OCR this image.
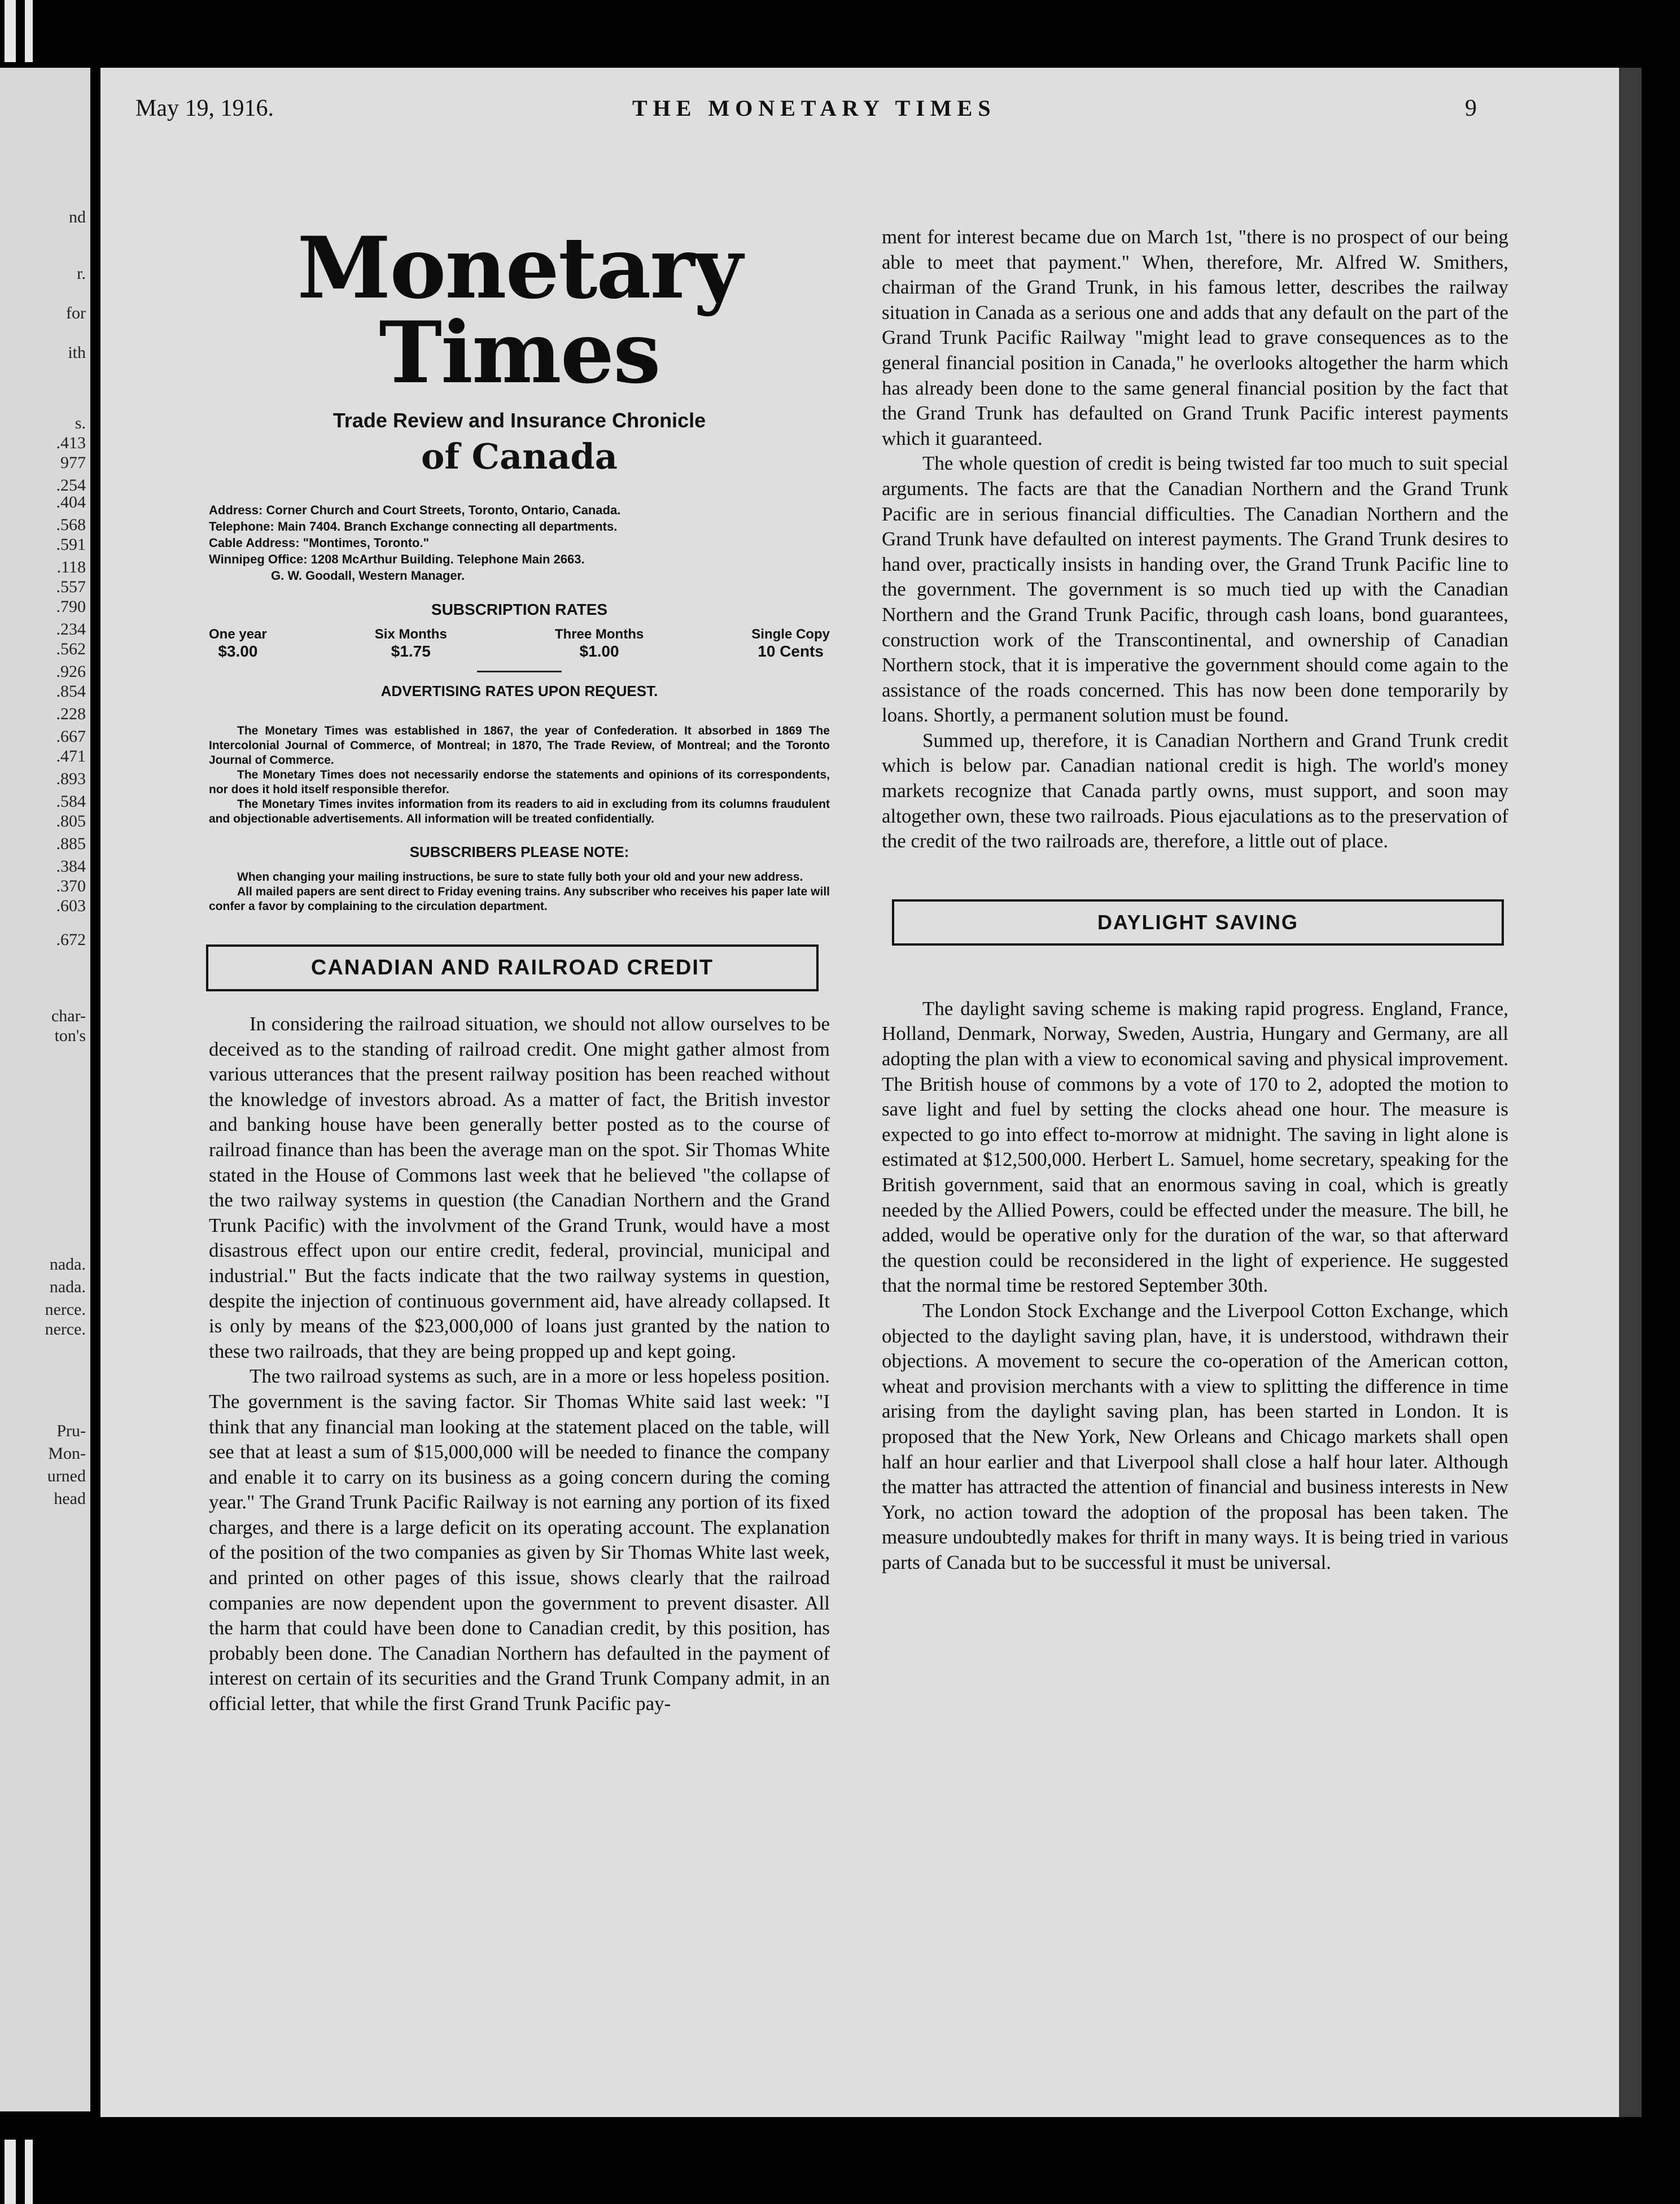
nd
r.
for
ith
s.
.413
977
.254
.404
.568
.591
.118
.557
.790
.234
.562
.926
.854
.228
.667
.471
.893
.584
.805
.885
.384
.370
.603
.672
char-
ton's
nada.
nada.
nerce.
nerce.
Pru-
Mon-
urned
head
May 19, 1916.	THE MONETARY TIMES	9
Monetary Times
Trade Review and Insurance Chronicle
of Canada
Address: Corner Church and Court Streets, Toronto, Ontario, Canada.
Telephone: Main 7404. Branch Exchange connecting all departments.
Cable Address: "Montimes, Toronto."
Winnipeg Office: 1208 McArthur Building. Telephone Main 2663.
G. W. Goodall, Western Manager.
SUBSCRIPTION RATES
One year
$3.00
Six Months
$1.75
Three Months
$1.00
Single Copy
10 Cents
ADVERTISING RATES UPON REQUEST.

The Monetary Times was established in 1867, the year of Confederation. It absorbed in 1869 The Intercolonial Journal of Commerce, of Montreal; in 1870, The Trade Review, of Montreal; and the Toronto Journal of Commerce.

The Monetary Times does not necessarily endorse the statements and opinions of its correspondents, nor does it hold itself responsible therefor.

The Monetary Times invites information from its readers to aid in excluding from its columns fraudulent and objectionable advertisements. All information will be treated confidentially.

SUBSCRIBERS PLEASE NOTE:

When changing your mailing instructions, be sure to state fully both your old and your new address.

All mailed papers are sent direct to Friday evening trains. Any subscriber who receives his paper late will confer a favor by complaining to the circulation department.

CANADIAN AND RAILROAD CREDIT

In considering the railroad situation, we should not allow ourselves to be deceived as to the standing of railroad credit. One might gather almost from various utterances that the present railway position has been reached without the knowledge of investors abroad. As a matter of fact, the British investor and banking house have been generally better posted as to the course of railroad finance than has been the average man on the spot. Sir Thomas White stated in the House of Commons last week that he believed "the collapse of the two railway systems in question (the Canadian Northern and the Grand Trunk Pacific) with the involvment of the Grand Trunk, would have a most disastrous effect upon our entire credit, federal, provincial, municipal and industrial." But the facts indicate that the two railway systems in question, despite the injection of continuous government aid, have already collapsed. It is only by means of the $23,000,000 of loans just granted by the nation to these two railroads, that they are being propped up and kept going.

The two railroad systems as such, are in a more or less hopeless position. The government is the saving factor. Sir Thomas White said last week: "I think that any financial man looking at the statement placed on the table, will see that at least a sum of $15,000,000 will be needed to finance the company and enable it to carry on its business as a going concern during the coming year." The Grand Trunk Pacific Railway is not earning any portion of its fixed charges, and there is a large deficit on its operating account. The explanation of the position of the two companies as given by Sir Thomas White last week, and printed on other pages of this issue, shows clearly that the railroad companies are now dependent upon the government to prevent disaster. All the harm that could have been done to Canadian credit, by this position, has probably been done. The Canadian Northern has defaulted in the payment of interest on certain of its securities and the Grand Trunk Company admit, in an official letter, that while the first Grand Trunk Pacific pay-

ment for interest became due on March 1st, "there is no prospect of our being able to meet that payment." When, therefore, Mr. Alfred W. Smithers, chairman of the Grand Trunk, in his famous letter, describes the railway situation in Canada as a serious one and adds that any default on the part of the Grand Trunk Pacific Railway "might lead to grave consequences as to the general financial position in Canada," he overlooks altogether the harm which has already been done to the same general financial position by the fact that the Grand Trunk has defaulted on Grand Trunk Pacific interest payments which it guaranteed.

The whole question of credit is being twisted far too much to suit special arguments. The facts are that the Canadian Northern and the Grand Trunk Pacific are in serious financial difficulties. The Canadian Northern and the Grand Trunk have defaulted on interest payments. The Grand Trunk desires to hand over, practically insists in handing over, the Grand Trunk Pacific line to the government. The government is so much tied up with the Canadian Northern and the Grand Trunk Pacific, through cash loans, bond guarantees, construction work of the Transcontinental, and ownership of Canadian Northern stock, that it is imperative the government should come again to the assistance of the roads concerned. This has now been done temporarily by loans. Shortly, a permanent solution must be found.

Summed up, therefore, it is Canadian Northern and Grand Trunk credit which is below par. Canadian national credit is high. The world's money markets recognize that Canada partly owns, must support, and soon may altogether own, these two railroads. Pious ejaculations as to the preservation of the credit of the two railroads are, therefore, a little out of place.

DAYLIGHT SAVING

The daylight saving scheme is making rapid progress. England, France, Holland, Denmark, Norway, Sweden, Austria, Hungary and Germany, are all adopting the plan with a view to economical saving and physical improvement. The British house of commons by a vote of 170 to 2, adopted the motion to save light and fuel by setting the clocks ahead one hour. The measure is expected to go into effect to-morrow at midnight. The saving in light alone is estimated at $12,500,000. Herbert L. Samuel, home secretary, speaking for the British government, said that an enormous saving in coal, which is greatly needed by the Allied Powers, could be effected under the measure. The bill, he added, would be operative only for the duration of the war, so that afterward the question could be reconsidered in the light of experience. He suggested that the normal time be restored September 30th.

The London Stock Exchange and the Liverpool Cotton Exchange, which objected to the daylight saving plan, have, it is understood, withdrawn their objections. A movement to secure the co-operation of the American cotton, wheat and provision merchants with a view to splitting the difference in time arising from the daylight saving plan, has been started in London. It is proposed that the New York, New Orleans and Chicago markets shall open half an hour earlier and that Liverpool shall close a half hour later. Although the matter has attracted the attention of financial and business interests in New York, no action toward the adoption of the proposal has been taken. The measure undoubtedly makes for thrift in many ways. It is being tried in various parts of Canada but to be successful it must be universal.
